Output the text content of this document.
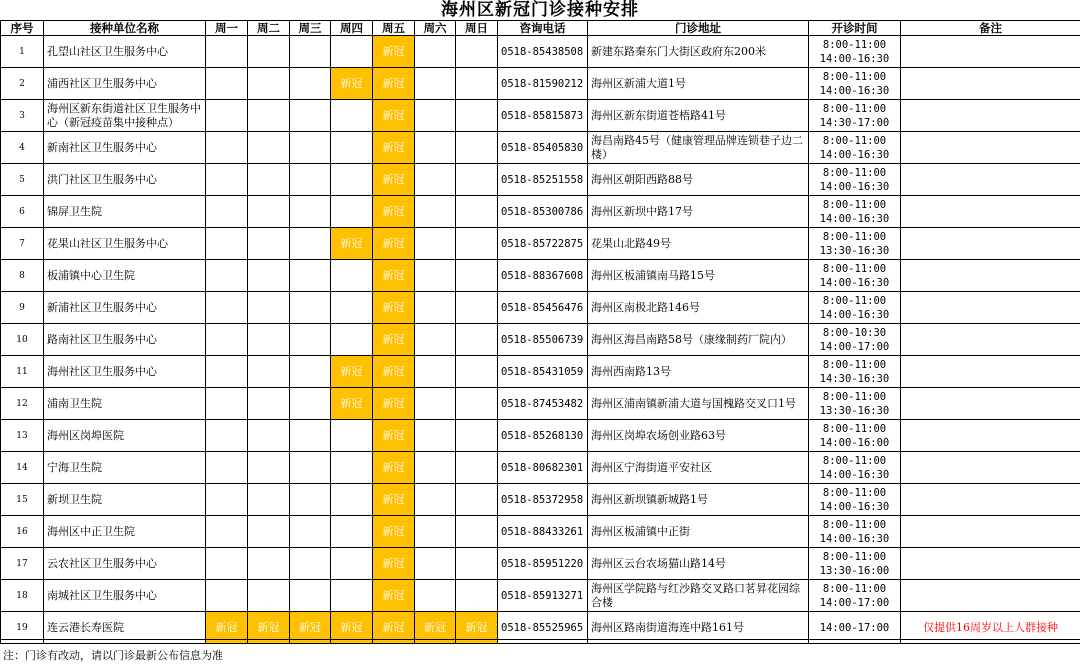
海州区新冠门诊接种安排
序号	接种单位名称	周一	周二	周三	周四	周五	周六	周日	咨询电话	门诊地址	开诊时间	备注
1	孔望山社区卫生服务中心					新冠			0518-85438508	新建东路秦东门大街区政府东200米	8:00-11:00
14:00-16:30	

2	浦西社区卫生服务中心				新冠	新冠			0518-81590212	海州区新浦大道1号	8:00-11:00
14:00-16:30	

3	海州区新东街道社区卫生服务中心（新冠疫苗集中接种点）					新冠			0518-85815873	海州区新东街道苍梧路41号	8:00-11:00
14:30-17:00	

4	新南社区卫生服务中心					新冠			0518-85405830	海昌南路45号（健康管理品牌连锁巷子边二楼）	8:00-11:00
14:00-16:30	

5	洪门社区卫生服务中心					新冠			0518-85251558	海州区朝阳西路88号	8:00-11:00
14:00-16:30	

6	锦屏卫生院					新冠			0518-85300786	海州区新坝中路17号	8:00-11:00
14:00-16:30	

7	花果山社区卫生服务中心				新冠	新冠			0518-85722875	花果山北路49号	8:00-11:00
13:30-16:30	

8	板浦镇中心卫生院					新冠			0518-88367608	海州区板浦镇南马路15号	8:00-11:00
14:00-16:30	

9	新浦社区卫生服务中心					新冠			0518-85456476	海州区南极北路146号	8:00-11:00
14:00-16:30	

10	路南社区卫生服务中心					新冠			0518-85506739	海州区海昌南路58号（康缘制药厂院内）	8:00-10:30
14:00-17:00	

11	海州社区卫生服务中心				新冠	新冠			0518-85431059	海州西南路13号	8:00-11:00
14:30-16:30	

12	浦南卫生院				新冠	新冠			0518-87453482	海州区浦南镇新浦大道与国槐路交叉口1号	8:00-11:00
13:30-16:30	

13	海州区岗埠医院					新冠			0518-85268130	海州区岗埠农场创业路63号	8:00-11:00
14:00-16:00	

14	宁海卫生院					新冠			0518-80682301	海州区宁海街道平安社区	8:00-11:00
14:00-16:30	

15	新坝卫生院					新冠			0518-85372958	海州区新坝镇新城路1号	8:00-11:00
14:00-16:30	

16	海州区中正卫生院					新冠			0518-88433261	海州区板浦镇中正街	8:00-11:00
14:00-16:30	

17	云农社区卫生服务中心					新冠			0518-85951220	海州区云台农场猫山路14号	8:00-11:00
13:30-16:00	

18	南城社区卫生服务中心					新冠			0518-85913271	海州区学院路与红沙路交叉路口茗昇花园综合楼	8:00-11:00
14:00-17:00	

19	连云港长寿医院	新冠	新冠	新冠	新冠	新冠	新冠	新冠	0518-85525965	海州区路南街道海连中路161号	14:00-17:00	仅提供16周岁以上人群接种
注：门诊有改动，请以门诊最新公布信息为准
